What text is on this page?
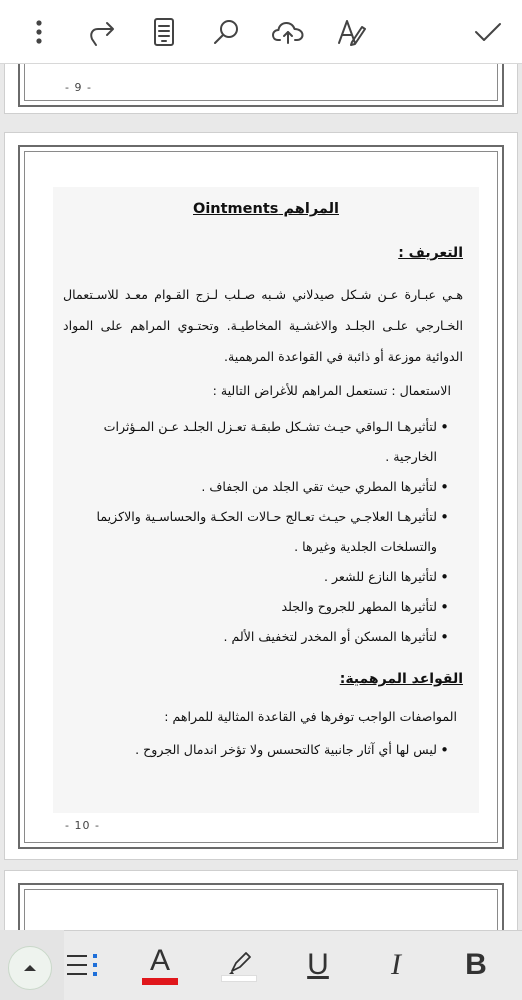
- 9 -
المراهم Ointments
التعريف :
هـي عبـارة عـن شـكل صيدلاني شـبه صـلب لـزج القـوام معـد للاسـتعمال الخـارجي علـى الجلـد والاغشـية المخاطيـة. وتحتـوي المراهم على المواد الدوائية موزعة أو ذائبة في القواعدة المرهمية.
الاستعمال : تستعمل المراهم للأغراض التالية :
• لتأثيرهـا الـواقي حيـث تشـكل طبقـة تعـزل الجلـد عـن المـؤثرات الخارجية .
• لتأثيرها المطري حيث تقي الجلد من الجفاف .
• لتأثيرهـا العلاجـي حيـث تعـالج حـالات الحكـة والحساسـية والاكزيما والتسلخات الجلدية وغيرها .
• لتأثيرها النازع للشعر .
• لتأثيرها المطهر للجروح والجلد
• لتأثيرها المسكن أو المخدر لتخفيف الألم .
القواعد المرهمية:
المواصفات الواجب توفرها في القاعدة المثالية للمراهم :
• ليس لها أي آثار جانبية كالتحسس ولا تؤخر اندمال الجروح .
- 10 -
A	U I B
